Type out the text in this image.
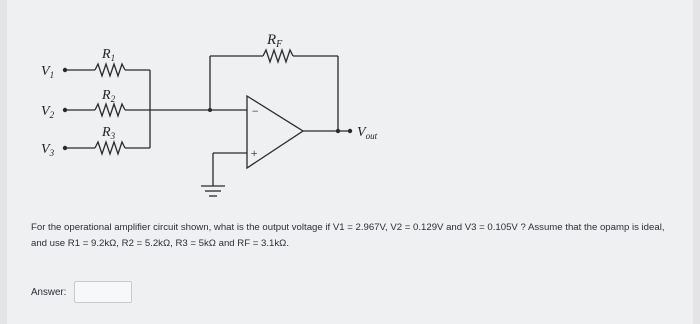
$R_F$
$R_1$
$R_2$
$R_3$
$V_1$
$V_2$
$V_3$
$V_{out}$
−
+
For the operational amplifier circuit shown, what is the output voltage if V1 = 2.967V, V2 = 0.129V and V3 = 0.105V ? Assume that the opamp is ideal, and use R1 = 9.2kΩ, R2 = 5.2kΩ, R3 = 5kΩ and RF = 3.1kΩ.
Answer:
